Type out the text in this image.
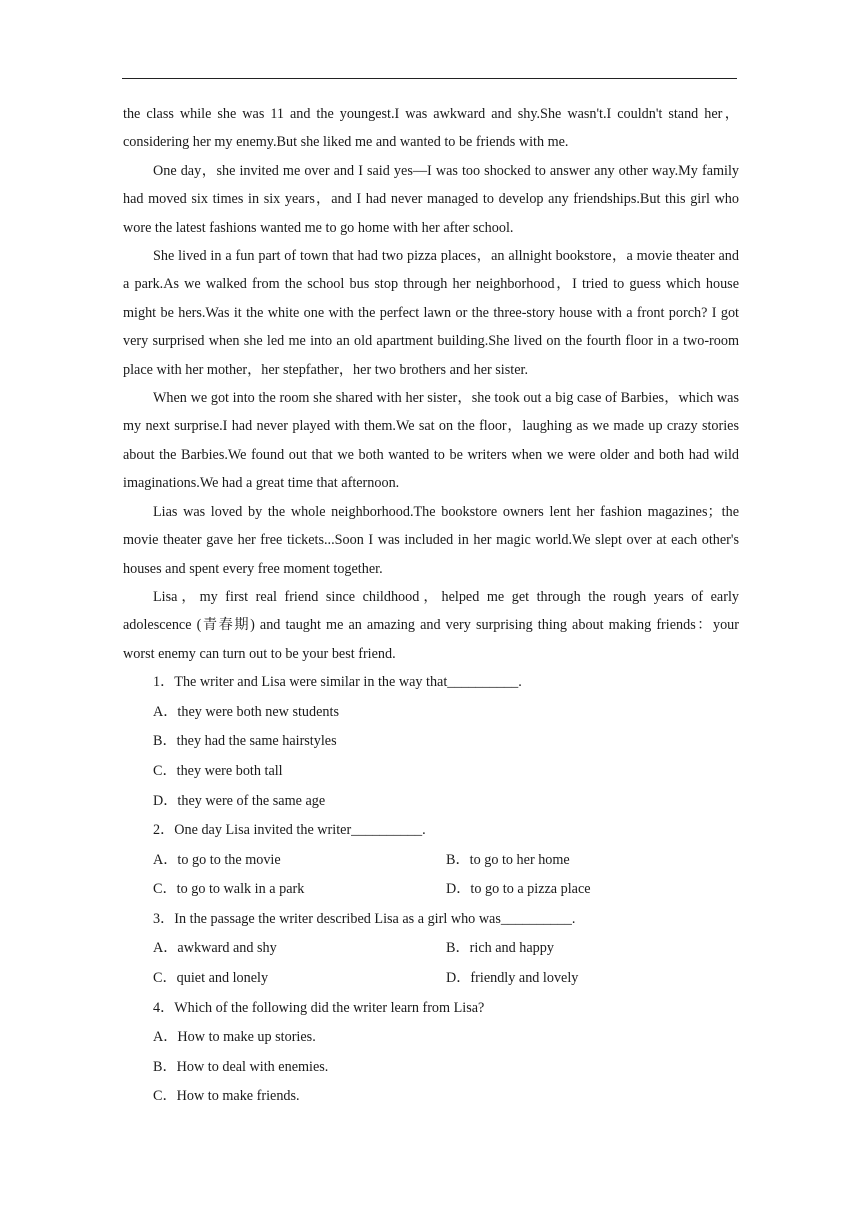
the class while she was 11 and the youngest.I was awkward and shy.She wasn't.I couldn't stand her，considering her my enemy.But she liked me and wanted to be friends with me.

One day，she invited me over and I said yes—I was too shocked to answer any other way.My family had moved six times in six years，and I had never managed to develop any friendships.But this girl who wore the latest fashions wanted me to go home with her after school.

She lived in a fun part of town that had two pizza places，an allnight bookstore，a movie theater and a park.As we walked from the school bus stop through her neighborhood，I tried to guess which house might be hers.Was it the white one with the perfect lawn or the three-story house with a front porch? I got very surprised when she led me into an old apartment building.She lived on the fourth floor in a two-room place with her mother，her stepfather，her two brothers and her sister.

When we got into the room she shared with her sister，she took out a big case of Barbies，which was my next surprise.I had never played with them.We sat on the floor，laughing as we made up crazy stories about the Barbies.We found out that we both wanted to be writers when we were older and both had wild imaginations.We had a great time that afternoon.

Lias was loved by the whole neighborhood.The bookstore owners lent her fashion magazines；the movie theater gave her free tickets...Soon I was included in her magic world.We slept over at each other's houses and spent every free moment together.

Lisa，my first real friend since childhood，helped me get through the rough years of early adolescence (青春期) and taught me an amazing and very surprising thing about making friends：your worst enemy can turn out to be your best friend.

1．The writer and Lisa were similar in the way that__________.

A．they were both new students

B．they had the same hairstyles

C．they were both tall

D．they were of the same age

2．One day Lisa invited the writer__________.

A．to go to the movie	B．to go to her home

C．to go to walk in a park	D．to go to a pizza place

3．In the passage the writer described Lisa as a girl who was__________.

A．awkward and shy	B．rich and happy

C．quiet and lonely	D．friendly and lovely

4．Which of the following did the writer learn from Lisa?

A．How to make up stories.

B．How to deal with enemies.

C．How to make friends.
